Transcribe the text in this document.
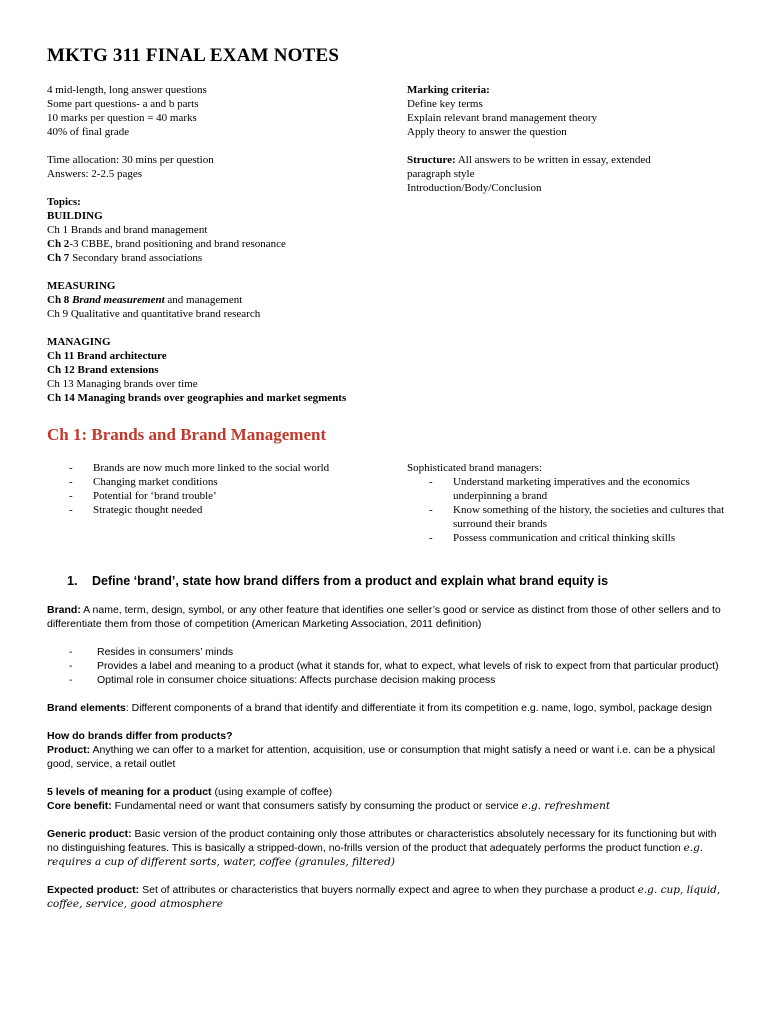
MKTG 311 FINAL EXAM NOTES
4 mid-length, long answer questions
Some part questions- a and b parts
10 marks per question = 40 marks
40% of final grade
Time allocation: 30 mins per question
Answers: 2-2.5 pages
Marking criteria:
Define key terms
Explain relevant brand management theory
Apply theory to answer the question
Structure: All answers to be written in essay, extended
paragraph style
Introduction/Body/Conclusion
Topics:
BUILDING
Ch 1 Brands and brand management
Ch 2-3 CBBE, brand positioning and brand resonance
Ch 7 Secondary brand associations
MEASURING
Ch 8 Brand measurement and management
Ch 9 Qualitative and quantitative brand research
MANAGING
Ch 11 Brand architecture
Ch 12 Brand extensions
Ch 13 Managing brands over time
Ch 14 Managing brands over geographies and market segments
Ch 1: Brands and Brand Management
- Brands are now much more linked to the social world
- Changing market conditions
- Potential for ‘brand trouble’
- Strategic thought needed
Sophisticated brand managers:
- Understand marketing imperatives and the economics underpinning a brand
- Know something of the history, the societies and cultures that surround their brands
- Possess communication and critical thinking skills
1. Define ‘brand’, state how brand differs from a product and explain what brand equity is

Brand: A name, term, design, symbol, or any other feature that identifies one seller’s good or service as distinct from those of other sellers and to differentiate them from those of competition (American Marketing Association, 2011 definition)

- Resides in consumers’ minds
- Provides a label and meaning to a product (what it stands for, what to expect, what levels of risk to expect from that particular product)
- Optimal role in consumer choice situations: Affects purchase decision making process

Brand elements: Different components of a brand that identify and differentiate it from its competition e.g. name, logo, symbol, package design

How do brands differ from products?

Product: Anything we can offer to a market for attention, acquisition, use or consumption that might satisfy a need or want i.e. can be a physical good, service, a retail outlet

5 levels of meaning for a product (using example of coffee)

Core benefit: Fundamental need or want that consumers satisfy by consuming the product or service e.g. refreshment

Generic product: Basic version of the product containing only those attributes or characteristics absolutely necessary for its functioning but with no distinguishing features. This is basically a stripped-down, no-frills version of the product that adequately performs the product function e.g. requires a cup of different sorts, water, coffee (granules, filtered)

Expected product: Set of attributes or characteristics that buyers normally expect and agree to when they purchase a product e.g. cup, liquid, coffee, service, good atmosphere
